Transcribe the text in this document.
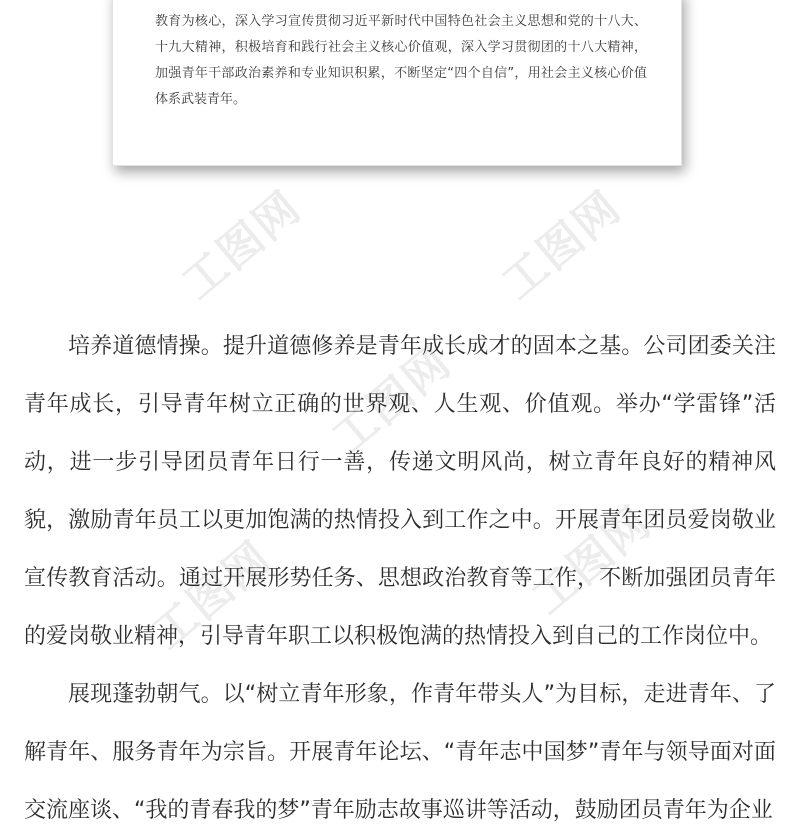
教育为核心，深入学习宣传贯彻习近平新时代中国特色社会主义思想和党的十八大、十九大精神，积极培育和践行社会主义核心价值观，深入学习贯彻团的十八大精神，加强青年干部政治素养和专业知识积累，不断坚定“四个自信”，用社会主义核心价值体系武装青年。

工图网	工图网
工图网
工图网
工图网

培养道德情操。提升道德修养是青年成长成才的固本之基。公司团委关注青年成长，引导青年树立正确的世界观、人生观、价值观。举办“学雷锋”活动，进一步引导团员青年日行一善，传递文明风尚，树立青年良好的精神风貌，激励青年员工以更加饱满的热情投入到工作之中。开展青年团员爱岗敬业宣传教育活动。通过开展形势任务、思想政治教育等工作，不断加强团员青年的爱岗敬业精神，引导青年职工以积极饱满的热情投入到自己的工作岗位中。

展现蓬勃朝气。以“树立青年形象，作青年带头人”为目标，走进青年、了解青年、服务青年为宗旨。开展青年论坛、“青年志中国梦”青年与领导面对面交流座谈、“我的青春我的梦”青年励志故事巡讲等活动，鼓励团员青年为企业
